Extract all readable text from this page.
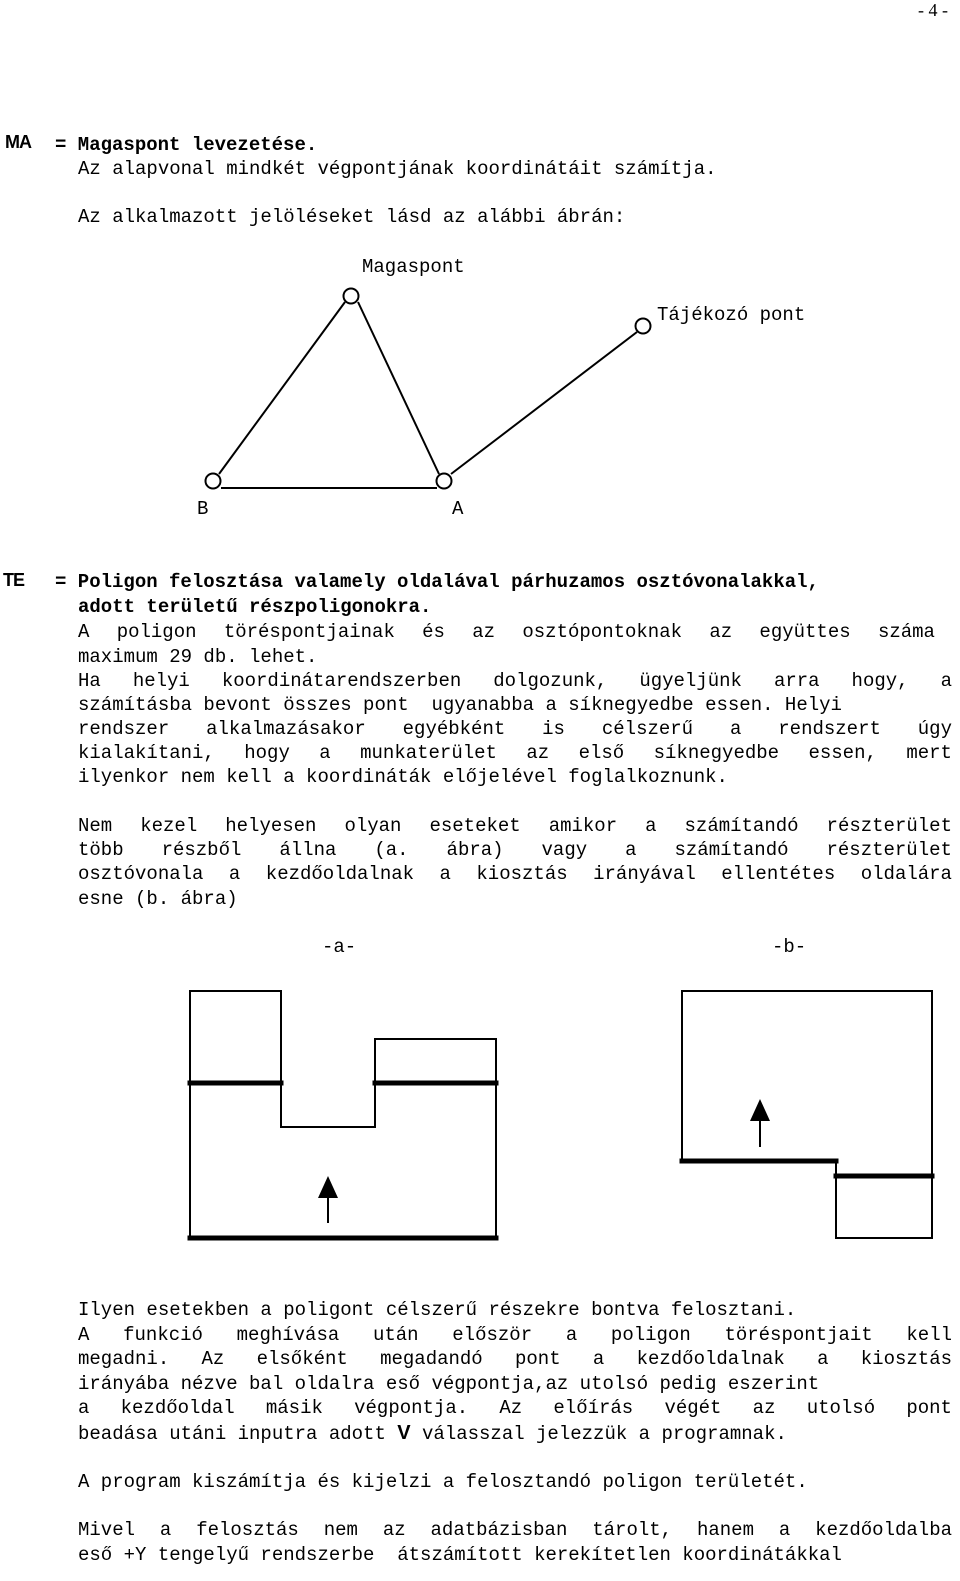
- 4 -
MA = Magaspont levezetése.
Az alapvonal mindkét végpontjának koordinátáit számítja.
Az alkalmazott jelöléseket lásd az alábbi ábrán:
Magaspont
Tájékozó pont
B	A
TE = Poligon felosztása valamely oldalával párhuzamos osztóvonalakkal,
adott területű részpoligonokra.
A poligon töréspontjainak és az osztópontoknak az együttes száma
maximum 29 db. lehet.
Ha helyi koordinátarendszerben dolgozunk, ügyeljünk arra hogy, a
számításba bevont összes pont  ugyanabba a síknegyedbe essen. Helyi
rendszer alkalmazásakor egyébként is célszerű a rendszert úgy
kialakítani, hogy a munkaterület az első síknegyedbe essen, mert
ilyenkor nem kell a koordináták előjelével foglalkoznunk.
Nem kezel helyesen olyan eseteket amikor a számítandó részterület
több részből állna (a. ábra) vagy a számítandó részterület
osztóvonala a kezdőoldalnak a kiosztás irányával ellentétes oldalára
esne (b. ábra)
-a-	-b-
Ilyen esetekben a poligont célszerű részekre bontva felosztani.
A funkció meghívása után először a poligon töréspontjait kell
megadni. Az elsőként megadandó pont a kezdőoldalnak a kiosztás
irányába nézve bal oldalra eső végpontja,az utolsó pedig eszerint
a kezdőoldal másik végpontja. Az előírás végét az utolsó pont
beadása utáni inputra adott V válasszal jelezzük a programnak.
A program kiszámítja és kijelzi a felosztandó poligon területét.
Mivel a felosztás nem az adatbázisban tárolt, hanem a kezdőoldalba
eső +Y tengelyű rendszerbe  átszámított kerekítetlen koordinátákkal
